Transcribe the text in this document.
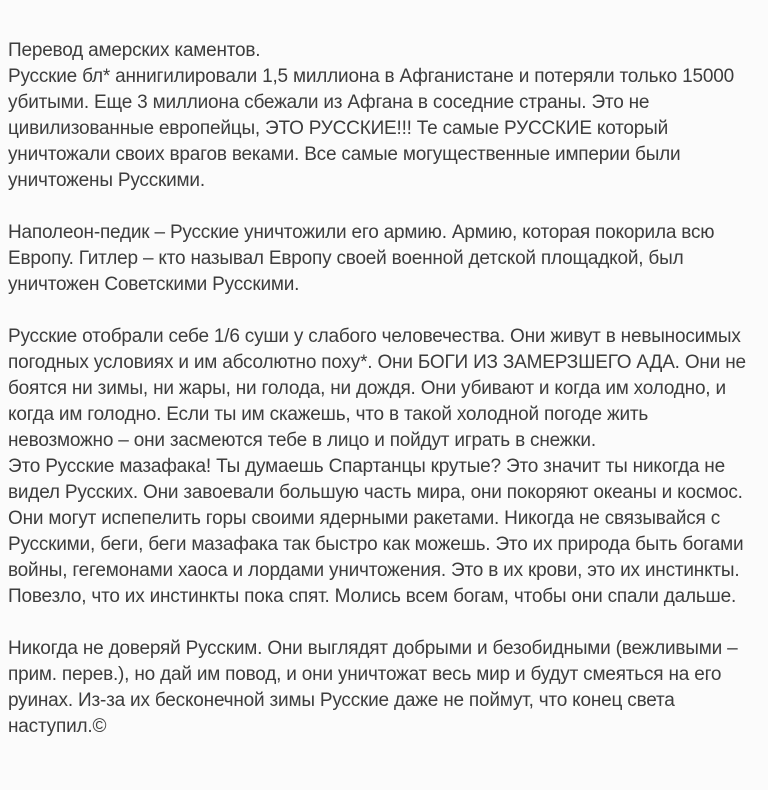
Перевод амерских каментов.
Русские бл* аннигилировали 1,5 миллиона в Афганистане и потеряли только 15000 убитыми. Еще 3 миллиона сбежали из Афгана в соседние страны. Это не цивилизованные европейцы, ЭТО РУССКИЕ!!! Те самые РУССКИЕ который уничтожали своих врагов веками. Все самые могущественные империи были уничтожены Русскими.

Наполеон-педик – Русские уничтожили его армию. Армию, которая покорила всю Европу. Гитлер – кто называл Европу своей военной детской площадкой, был уничтожен Советскими Русскими.

Русские отобрали себе 1/6 суши у слабого человечества. Они живут в невыносимых погодных условиях и им абсолютно поху*. Они БОГИ ИЗ ЗАМЕРЗШЕГО АДА. Они не боятся ни зимы, ни жары, ни голода, ни дождя. Они убивают и когда им холодно, и когда им голодно. Если ты им скажешь, что в такой холодной погоде жить невозможно – они засмеются тебе в лицо и пойдут играть в снежки.
Это Русские мазафака! Ты думаешь Спартанцы крутые? Это значит ты никогда не видел Русских. Они завоевали большую часть мира, они покоряют океаны и космос. Они могут испепелить горы своими ядерными ракетами. Никогда не связывайся с Русскими, беги, беги мазафака так быстро как можешь. Это их природа быть богами войны, гегемонами хаоса и лордами уничтожения. Это в их крови, это их инстинкты. Повезло, что их инстинкты пока спят. Молись всем богам, чтобы они спали дальше.

Никогда не доверяй Русским. Они выглядят добрыми и безобидными (вежливыми – прим. перев.), но дай им повод, и они уничтожат весь мир и будут смеяться на его руинах. Из-за их бесконечной зимы Русские даже не поймут, что конец света наступил.©
